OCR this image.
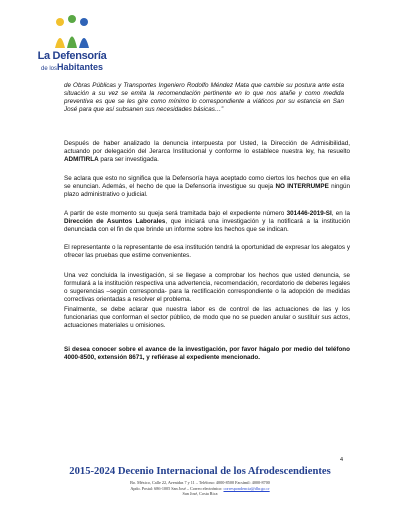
La Defensoría
de losHabitantes
de Obras Públicas y Transportes Ingeniero Rodolfo Méndez Mata que cambie su postura ante esta situación a su vez se emita la recomendación pertinente en lo que nos atañe y como medida preventiva es que se les gire como mínimo lo correspondiente a viáticos por su estancia en San José para que así subsanen sus necesidades básicas…”
Después de haber analizado la denuncia interpuesta por Usted, la Dirección de Admisibilidad, actuando por delegación del Jerarca Institucional y conforme lo establece nuestra ley, ha resuelto ADMITIRLA para ser investigada.
Se aclara que esto no significa que la Defensoría haya aceptado como ciertos los hechos que en ella se enuncian. Además, el hecho de que la Defensoría investigue su queja NO INTERRUMPE ningún plazo administrativo o judicial.
A partir de este momento su queja será tramitada bajo el expediente número 301446-2019-SI, en la Dirección de Asuntos Laborales, que iniciará una investigación y la notificará a la institución denunciada con el fin de que brinde un informe sobre los hechos que se indican.
El representante o la representante de esa institución tendrá la oportunidad de expresar los alegatos y ofrecer las pruebas que estime convenientes.
Una vez concluida la investigación, si se llegase a comprobar los hechos que usted denuncia, se formulará a la institución respectiva una advertencia, recomendación, recordatorio de deberes legales o sugerencias –según corresponda- para la rectificación correspondiente o la adopción de medidas correctivas orientadas a resolver el problema.
Finalmente, se debe aclarar que nuestra labor es de control de las actuaciones de las y los funcionarias que conforman el sector público, de modo que no se pueden anular o sustituir sus actos, actuaciones materiales u omisiones.
Si desea conocer sobre el avance de la investigación, por favor hágalo por medio del teléfono 4000-8500, extensión 8671, y refiérase al expediente mencionado.
4
2015-2024 Decenio Internacional de los Afrodescendientes
Bo. México, Calle 22, Avenidas 7 y 11 – Teléfono: 4000-8500 Facsímil: 4000-8700
Apdo. Postal: 686-1005 San José – Correo electrónico: correspondencia@dhr.go.cr
San José, Costa Rica
